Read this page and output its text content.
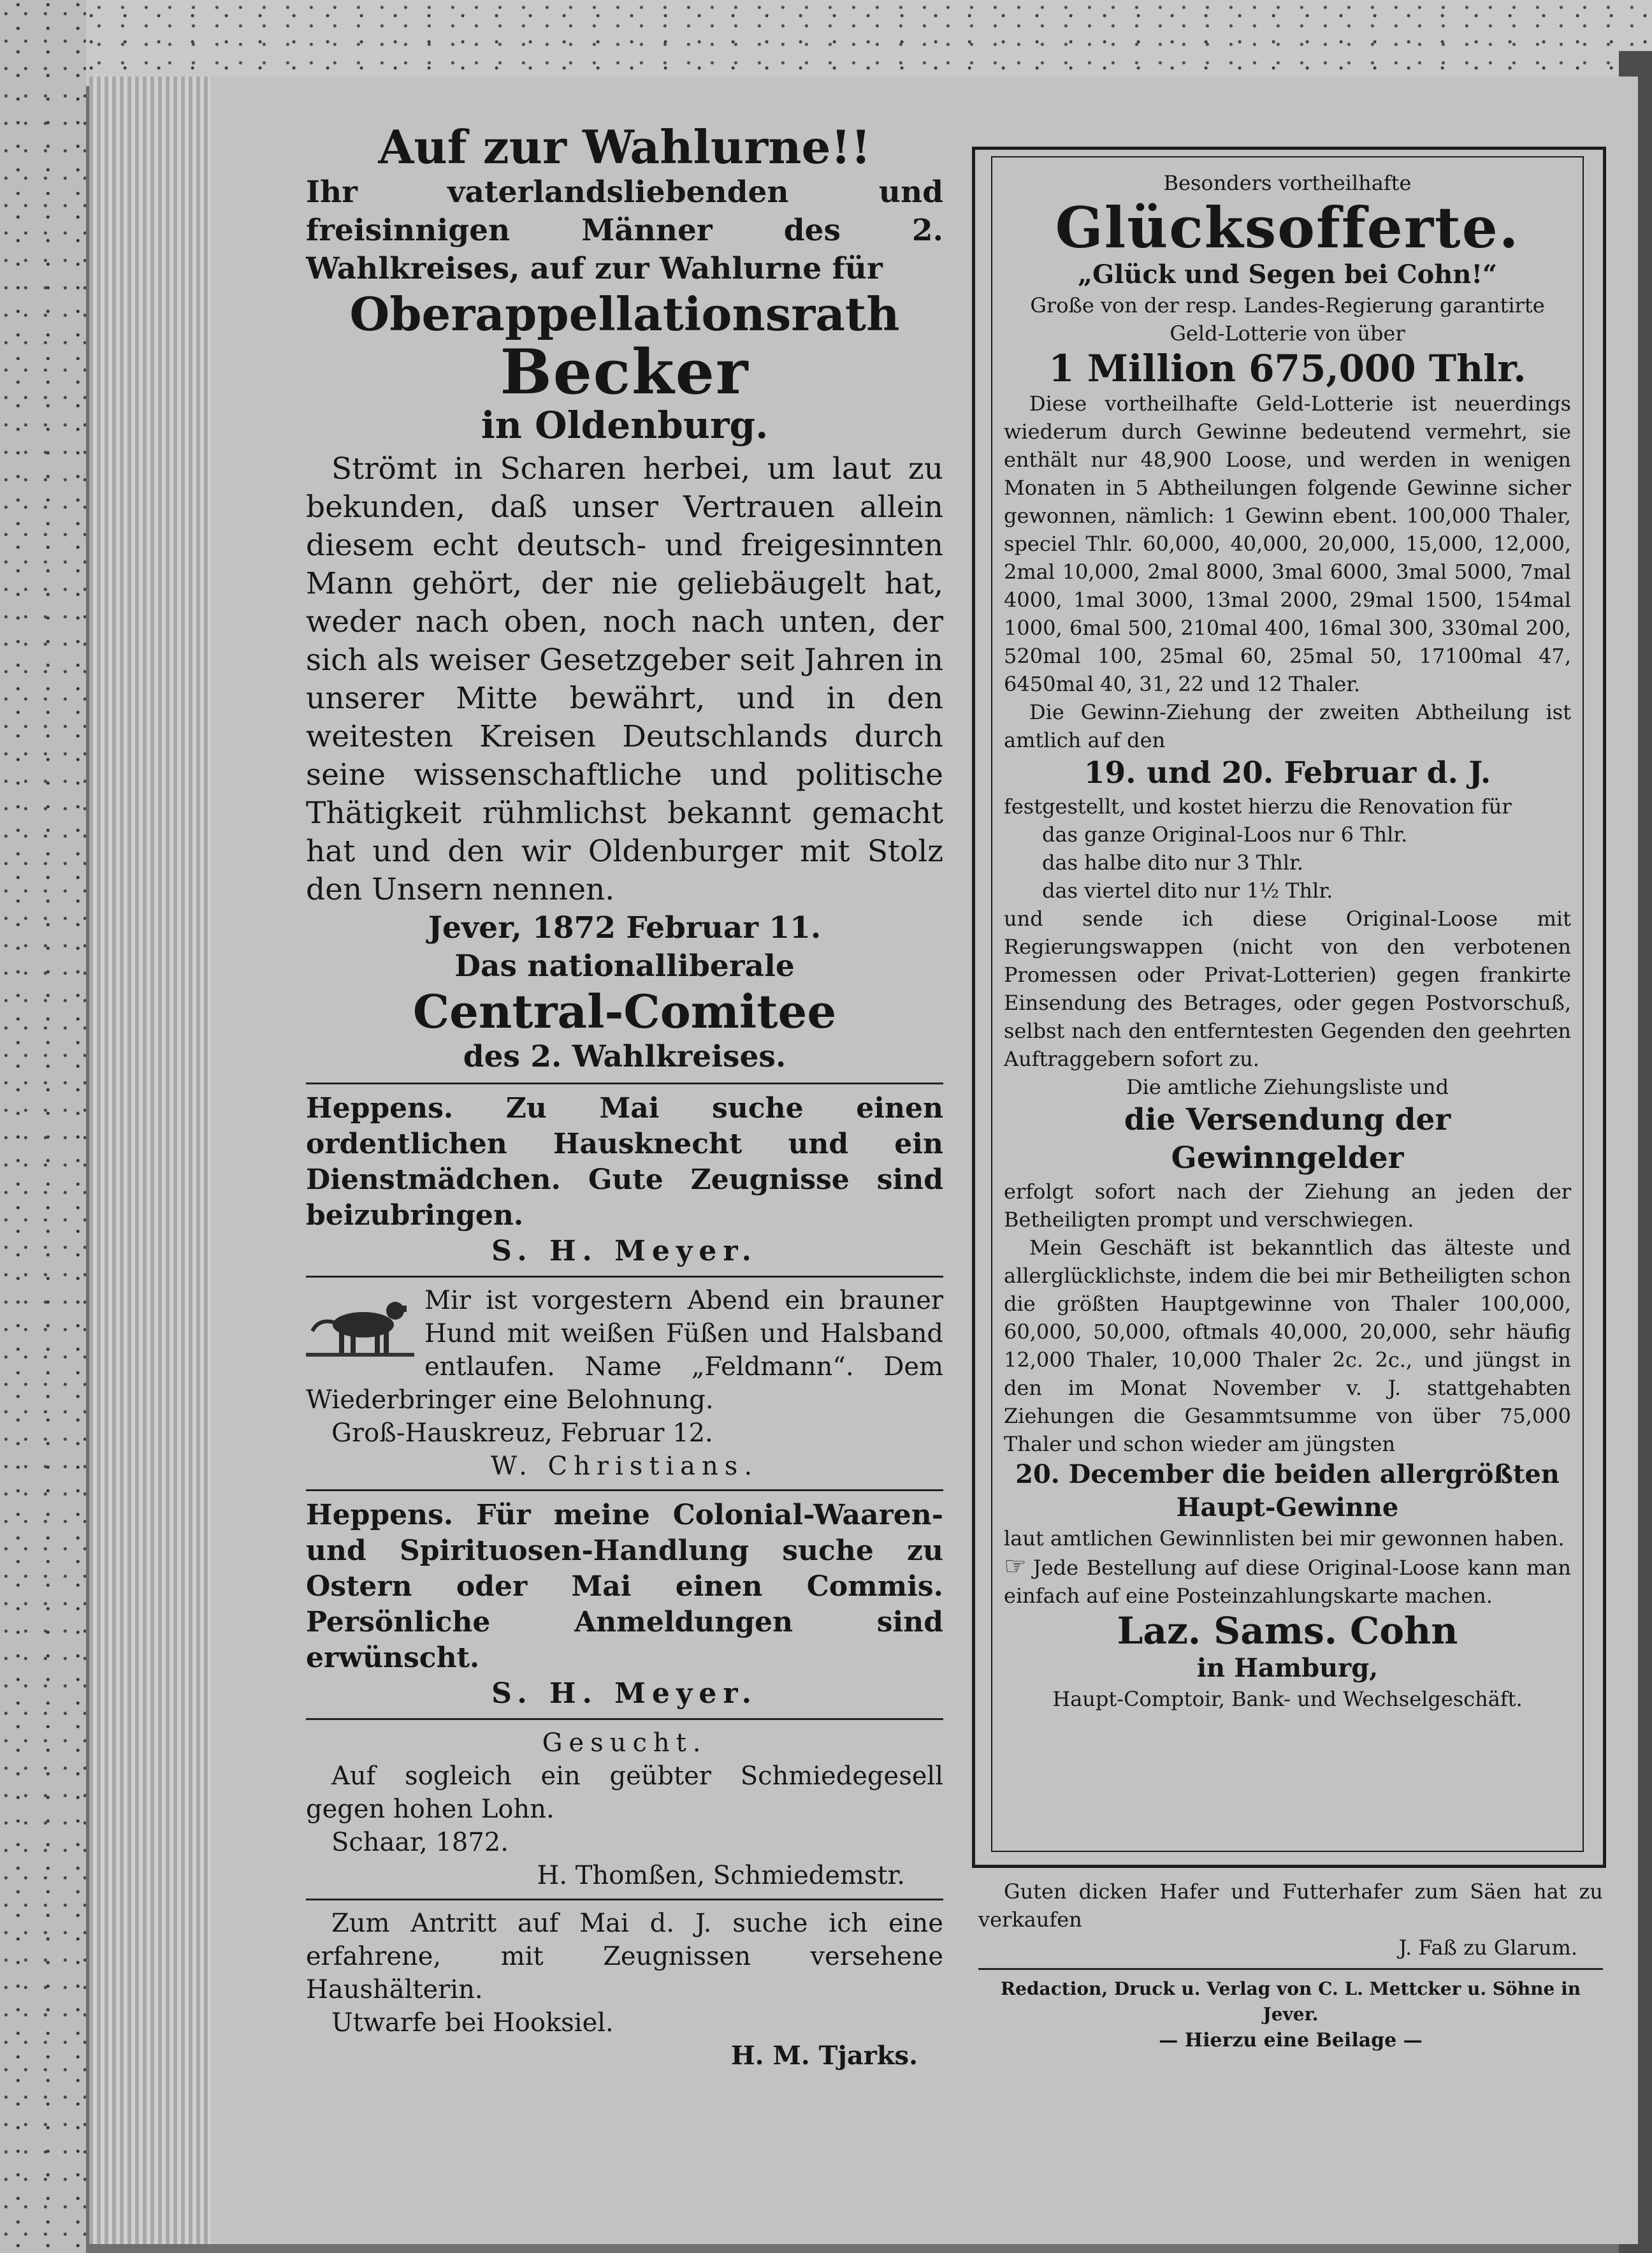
Auf zur Wahlurne!!
Ihr vaterlandsliebenden und freisinnigen Männer des 2. Wahlkreises, auf zur Wahlurne für
Oberappellationsrath
Becker
in Oldenburg.
Strömt in Scharen herbei, um laut zu bekunden, daß unser Vertrauen allein diesem echt deutsch- und freigesinnten Mann gehört, der nie geliebäugelt hat, weder nach oben, noch nach unten, der sich als weiser Gesetzgeber seit Jahren in unserer Mitte bewährt, und in den weitesten Kreisen Deutschlands durch seine wissenschaftliche und politische Thätigkeit rühmlichst bekannt gemacht hat und den wir Oldenburger mit Stolz den Unsern nennen.
Jever, 1872 Februar 11.
Das nationalliberale
Central-Comitee
des 2. Wahlkreises.
Heppens. Zu Mai suche einen ordentlichen Hausknecht und ein Dienstmädchen. Gute Zeugnisse sind beizubringen.
S. H. Meyer.
Mir ist vorgestern Abend ein brauner Hund mit weißen Füßen und Halsband entlaufen. Name „Feldmann“. Dem Wiederbringer eine Belohnung.
Groß-Hauskreuz, Februar 12.
W. Christians.
Heppens. Für meine Colonial-Waaren- und Spirituosen-Handlung suche zu Ostern oder Mai einen Commis. Persönliche Anmeldungen sind erwünscht.
S. H. Meyer.
Gesucht.
Auf sogleich ein geübter Schmiedegesell gegen hohen Lohn.
Schaar, 1872.
H. Thomßen, Schmiedemstr.
Zum Antritt auf Mai d. J. suche ich eine erfahrene, mit Zeugnissen versehene Haushälterin.
Utwarfe bei Hooksiel.
H. M. Tjarks.
Besonders vortheilhafte
Glücksofferte.
„Glück und Segen bei Cohn!“
Große von der resp. Landes-Regierung garantirte Geld-Lotterie von über
1 Million 675,000 Thlr.
Diese vortheilhafte Geld-Lotterie ist neuerdings wiederum durch Gewinne bedeutend vermehrt, sie enthält nur 48,900 Loose, und werden in wenigen Monaten in 5 Abtheilungen folgende Gewinne sicher gewonnen, nämlich: 1 Gewinn ebent. 100,000 Thaler, speciel Thlr. 60,000, 40,000, 20,000, 15,000, 12,000, 2mal 10,000, 2mal 8000, 3mal 6000, 3mal 5000, 7mal 4000, 1mal 3000, 13mal 2000, 29mal 1500, 154mal 1000, 6mal 500, 210mal 400, 16mal 300, 330mal 200, 520mal 100, 25mal 60, 25mal 50, 17100mal 47, 6450mal 40, 31, 22 und 12 Thaler.
Die Gewinn-Ziehung der zweiten Abtheilung ist amtlich auf den
19. und 20. Februar d. J.
festgestellt, und kostet hierzu die Renovation für
das ganze Original-Loos nur 6 Thlr.
das halbe dito nur 3 Thlr.
das viertel dito nur 1½ Thlr.
und sende ich diese Original-Loose mit Regierungswappen (nicht von den verbotenen Promessen oder Privat-Lotterien) gegen frankirte Einsendung des Betrages, oder gegen Postvorschuß, selbst nach den entferntesten Gegenden den geehrten Auftraggebern sofort zu.
Die amtliche Ziehungsliste und
die Versendung der Gewinngelder
erfolgt sofort nach der Ziehung an jeden der Betheiligten prompt und verschwiegen.
Mein Geschäft ist bekanntlich das älteste und allerglücklichste, indem die bei mir Betheiligten schon die größten Hauptgewinne von Thaler 100,000, 60,000, 50,000, oftmals 40,000, 20,000, sehr häufig 12,000 Thaler, 10,000 Thaler 2c. 2c., und jüngst in den im Monat November v. J. stattgehabten Ziehungen die Gesammtsumme von über 75,000 Thaler und schon wieder am jüngsten
20. December die beiden allergrößten
Haupt-Gewinne
laut amtlichen Gewinnlisten bei mir gewonnen haben.
☞ Jede Bestellung auf diese Original-Loose kann man einfach auf eine Posteinzahlungskarte machen.
Laz. Sams. Cohn
in Hamburg,
Haupt-Comptoir, Bank- und Wechselgeschäft.
Guten dicken Hafer und Futterhafer zum Säen hat zu verkaufen
J. Faß zu Glarum.
Redaction, Druck u. Verlag von C. L. Mettcker u. Söhne in Jever.
— Hierzu eine Beilage —
